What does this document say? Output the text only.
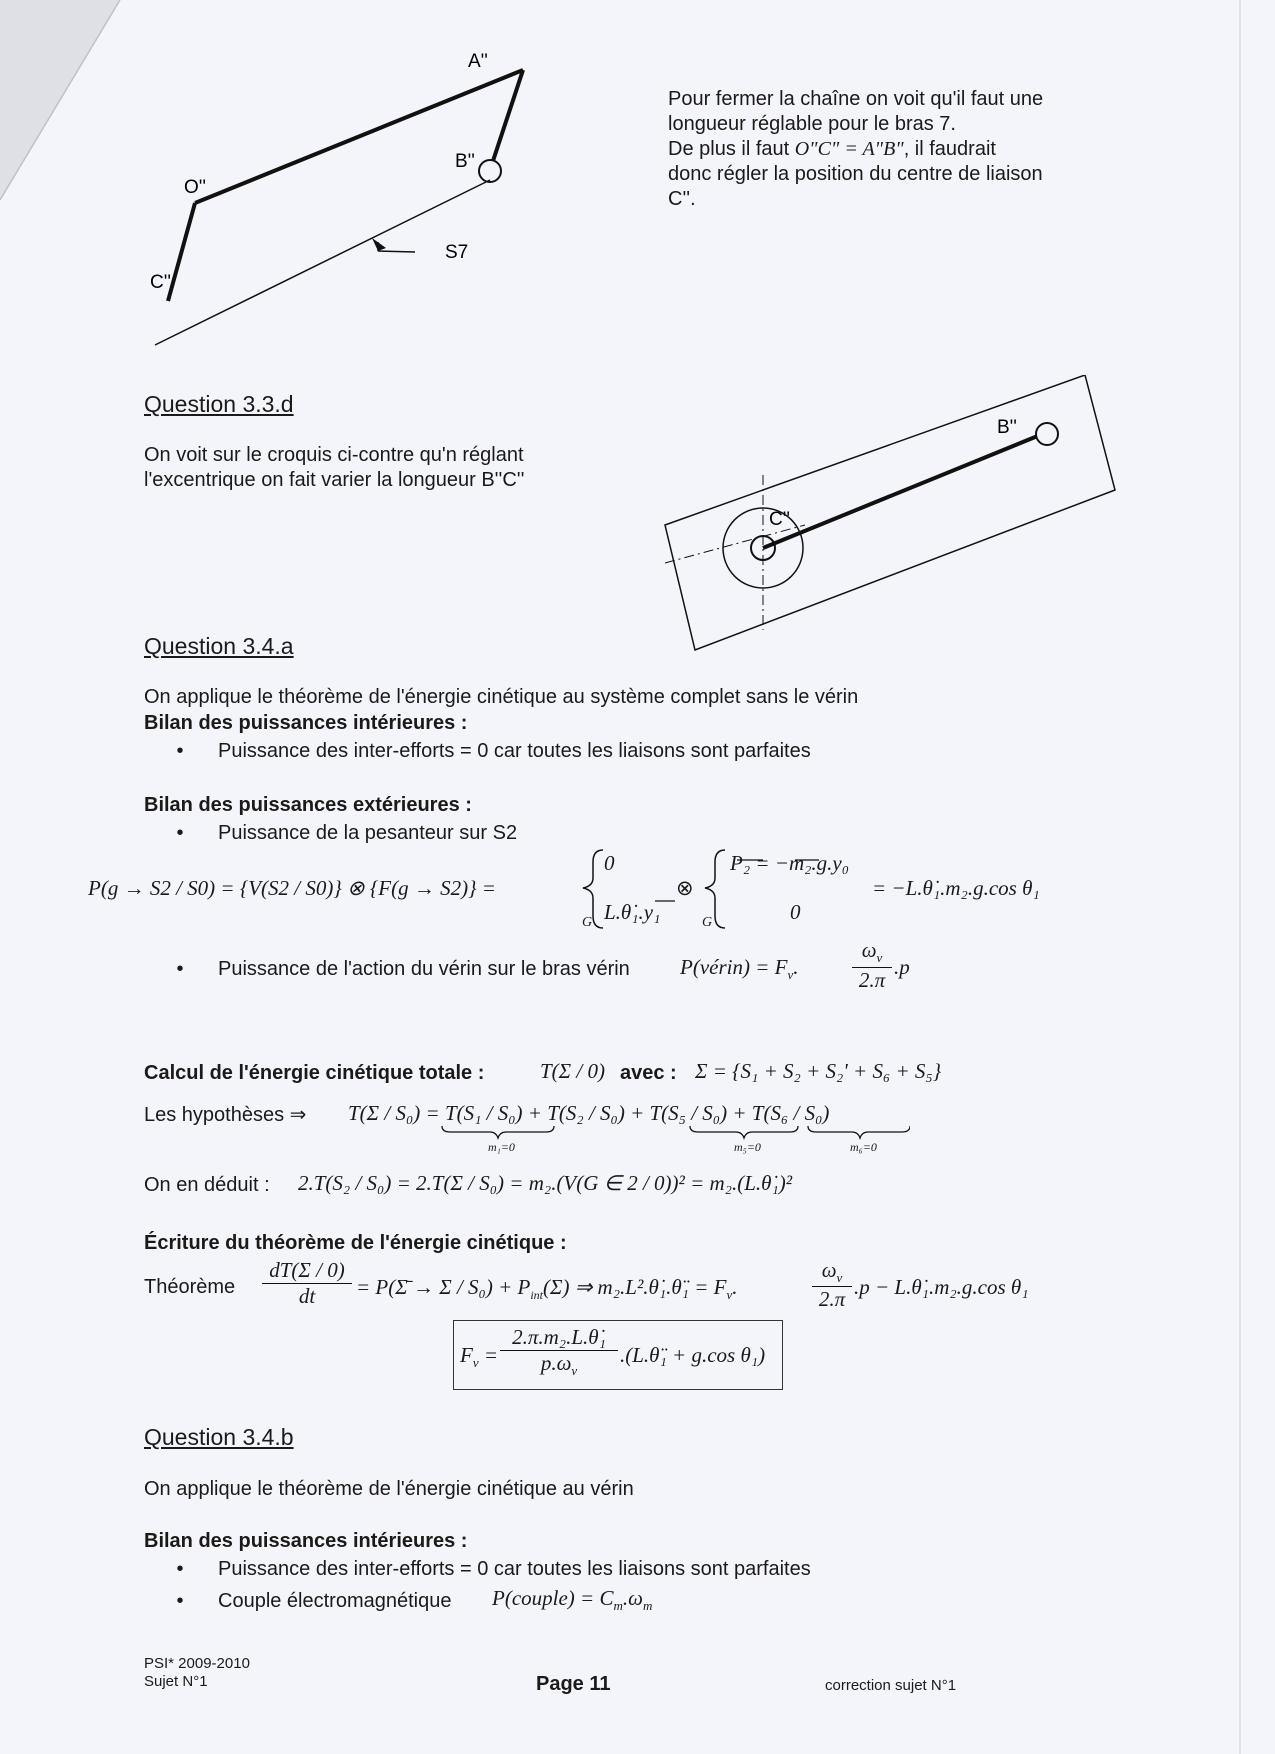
A''
B''
O''
C''
S7
Pour fermer la chaîne on voit qu'il faut une
longueur réglable pour le bras 7.
De plus il faut O"C" = A"B", il faudrait
donc régler la position du centre de liaison
C''.
Question 3.3.d
On voit sur le croquis ci-contre qu'n réglant
l'excentrique on fait varier la longueur B''C''
B''
C''
Question 3.4.a
On applique le théorème de l'énergie cinétique au système complet sans le vérin
Bilan des puissances intérieures :
•	Puissance des inter-efforts = 0 car toutes les liaisons sont parfaites
Bilan des puissances extérieures :
•	Puissance de la pesanteur sur S2
P(g → S2 / S0) = {V(S2 / S0)} ⊗ {F(g → S2)} =
0
L.θ̇₁.y₁
G
⊗
P₂ = −m₂.g.y₀
0
G
= −L.θ̇₁.m₂.g.cos θ₁
•	Puissance de l'action du vérin sur le bras vérin P(vérin) = $F_v$.
$\omega_v$
2.π
.p
Calcul de l'énergie cinétique totale :	T(Σ / 0) avec : Σ = {S₁ + S₂ + S₂' + S₆ + S₅}
Les hypothèses ⇒ T(Σ / S₀) = T(S₁ / S₀) + T(S₂ / S₀) + T(S₅ / S₀) + T(S₆ / S₀)
m₁=0	m₅=0	m₆=0
On en déduit : 2.T(S₂ / S₀) = 2.T(Σ / S₀) = m₂.(V(G ∈ 2 / 0))² = m₂.(L.θ̇₁)²
Écriture du théorème de l'énergie cinétique :
Théorème $\frac{dT(\Sigma / 0)}{dt}$ = P(Σ̄ → $\Sigma / S_0) + P_{int}(\Sigma)$ ⇒ m₂.L².θ̇₁.θ̈₁ = $F_v$.
$\omega_v$
2.π
.p − L.θ̇₁.m₂.g.cos θ₁
$F_v$ =
2.π.m₂.L.θ̇₁
$p.\omega_v$
.(L.θ̈₁ + g.cos θ₁)
Question 3.4.b
On applique le théorème de l'énergie cinétique au vérin
Bilan des puissances intérieures :
•	Puissance des inter-efforts = 0 car toutes les liaisons sont parfaites
•	Couple électromagnétique P(couple) = $C_m.\omega_m$
PSI* 2009-2010
Sujet N°1	Page 11	correction sujet N°1
